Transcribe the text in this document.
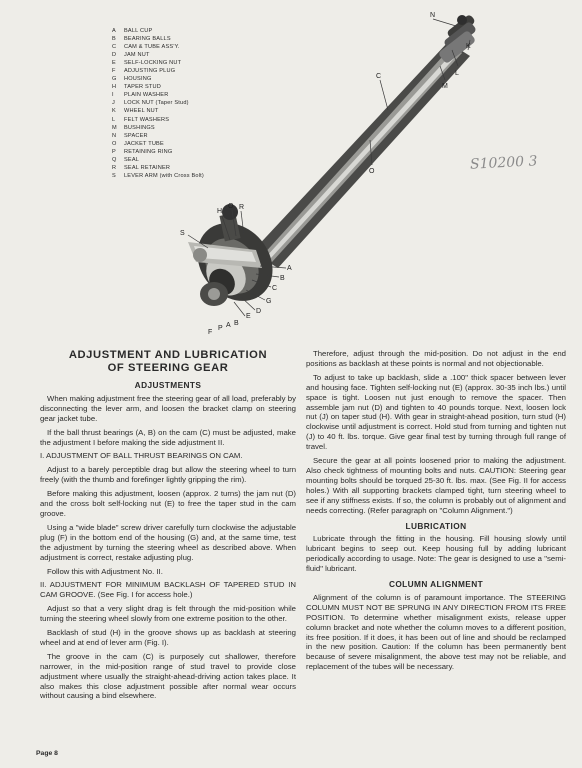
A BALL CUP
B BEARING BALLS
C CAM & TUBE ASS'Y.
D JAM NUT
E SELF-LOCKING NUT
F ADJUSTING PLUG
G HOUSING
H TAPER STUD
I PLAIN WASHER
J LOCK NUT (Taper Stud)
K WHEEL NUT
L FELT WASHERS
M BUSHINGS
N SPACER
O JACKET TUBE
P RETAINING RING
Q SEAL
R SEAL RETAINER
S LEVER ARM (with Cross Bolt)
N
K
L
M
C
O
H
O R
S
A
B
C
G
D
E
F
P A B
S10200 3
ADJUSTMENT AND LUBRICATION
OF STEERING GEAR
ADJUSTMENTS

When making adjustment free the steering gear of all load, preferably by disconnecting the lever arm, and loosen the bracket clamp on steering gear jacket tube.

If the ball thrust bearings (A, B) on the cam (C) must be adjusted, make the adjustment I before making the side adjustment II.

I. ADJUSTMENT OF BALL THRUST BEARINGS ON CAM.

Adjust to a barely perceptible drag but allow the steering wheel to turn freely (with the thumb and forefinger lightly gripping the rim).

Before making this adjustment, loosen (approx. 2 turns) the jam nut (D) and the cross bolt self-locking nut (E) to free the taper stud in the cam groove.

Using a "wide blade" screw driver carefully turn clockwise the adjustable plug (F) in the bottom end of the housing (G) and, at the same time, test the adjustment by turning the steering wheel as described above. When adjustment is correct, restake adjusting plug.

Follow this with Adjustment No. II.

II. ADJUSTMENT FOR MINIMUM BACKLASH OF TAPERED STUD IN CAM GROOVE. (See Fig. I for access hole.)

Adjust so that a very slight drag is felt through the mid-position while turning the steering wheel slowly from one extreme position to the other.

Backlash of stud (H) in the groove shows up as backlash at steering wheel and at end of lever arm (Fig. I).

The groove in the cam (C) is purposely cut shallower, therefore narrower, in the mid-position range of stud travel to provide close adjustment where usually the straight-ahead-driving action takes place. It also makes this close adjustment possible after normal wear occurs without causing a bind elsewhere.

Therefore, adjust through the mid-position. Do not adjust in the end positions as backlash at these points is normal and not objectionable.

To adjust to take up backlash, slide a .100" thick spacer between lever and housing face. Tighten self-locking nut (E) (approx. 30-35 inch lbs.) until space is tight. Loosen nut just enough to remove the spacer. Then assemble jam nut (D) and tighten to 40 pounds torque. Next, loosen lock nut (J) on taper stud (H). With gear in straight-ahead position, turn stud (H) clockwise until adjustment is correct. Hold stud from turning and tighten nut (J) to 40 ft. lbs. torque. Give gear final test by turning through full range of travel.

Secure the gear at all points loosened prior to making the adjustment. Also check tightness of mounting bolts and nuts. CAUTION: Steering gear mounting bolts should be torqued 25-30 ft. lbs. max. (See Fig. II for access holes.) With all supporting brackets clamped tight, turn steering wheel to see if any stiffness exists. If so, the column is probably out of alignment and needs correcting. (Refer paragraph on "Column Alignment.")

LUBRICATION

Lubricate through the fitting in the housing. Fill housing slowly until lubricant begins to seep out. Keep housing full by adding lubricant periodically according to usage. Note: The gear is designed to use a "semi-fluid" lubricant.

COLUMN ALIGNMENT

Alignment of the column is of paramount importance. The STEERING COLUMN MUST NOT BE SPRUNG IN ANY DIRECTION FROM ITS FREE POSITION. To determine whether misalignment exists, release upper column bracket and note whether the column moves to a different position, its free position. If it does, it has been out of line and should be reclamped in the new position. Caution: If the column has been permanently bent because of severe misalignment, the above test may not be reliable, and replacement of the tubes will be necessary.

Page 8
